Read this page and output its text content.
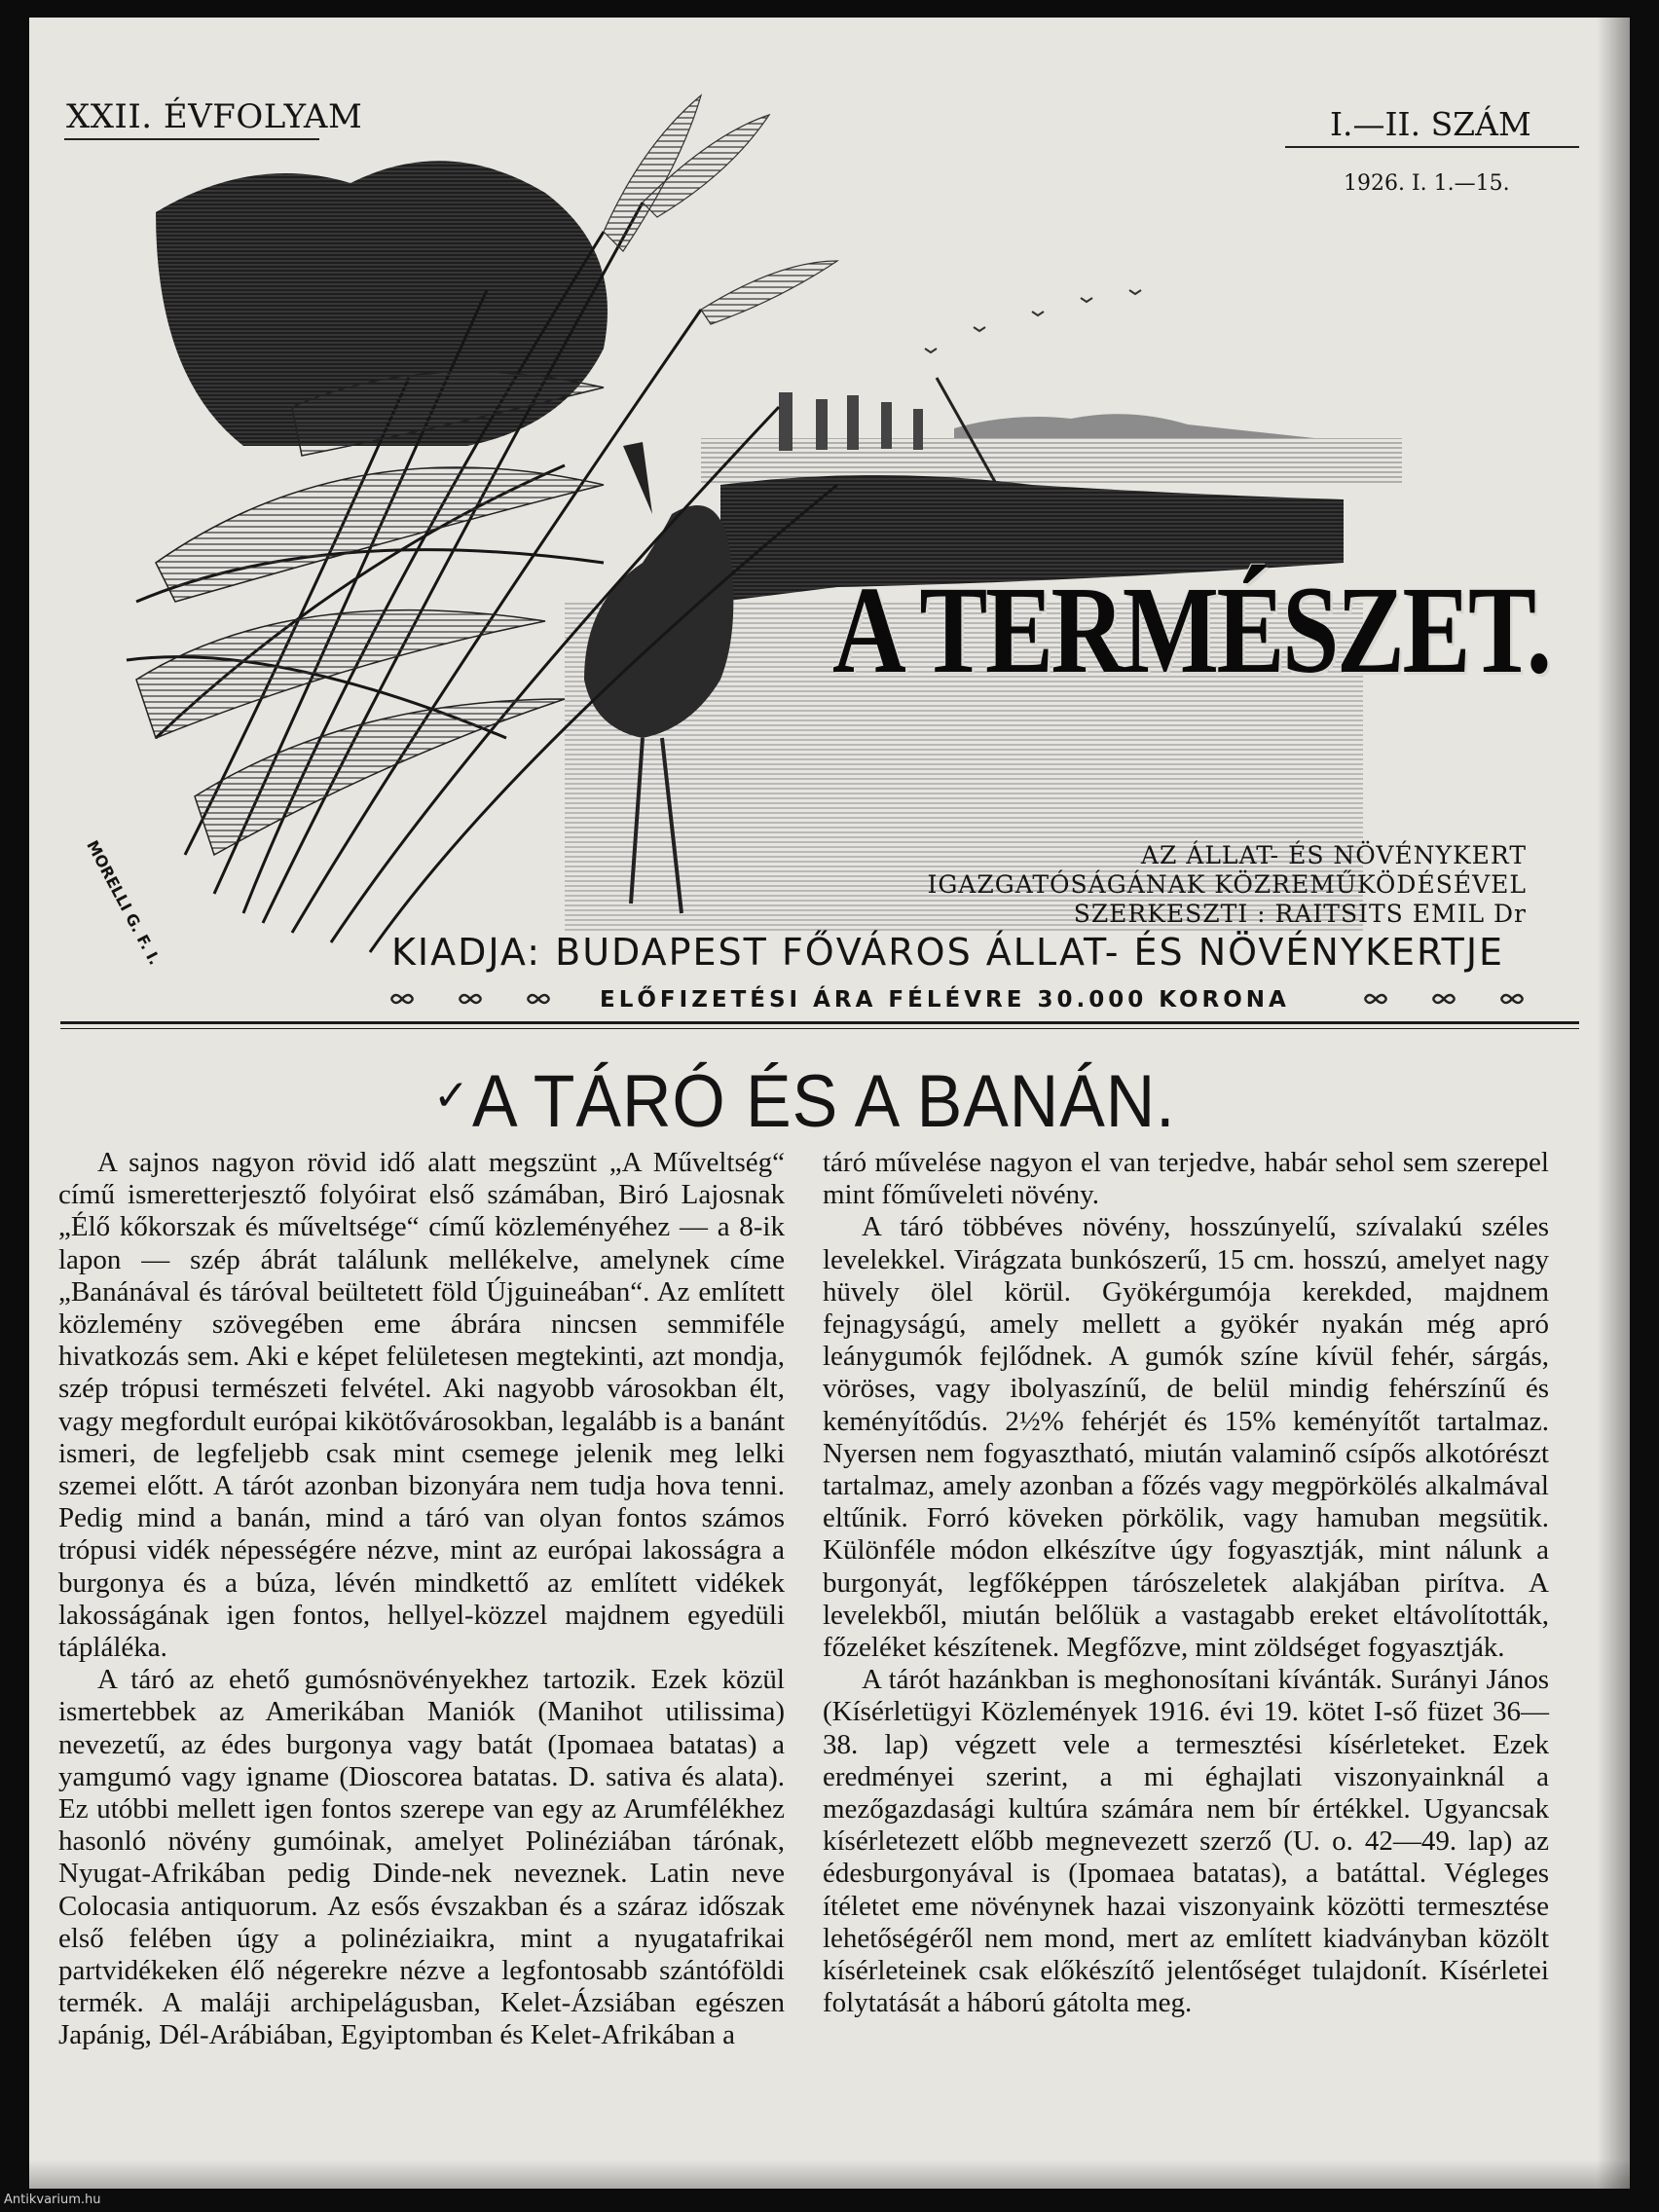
XXII. ÉVFOLYAM	I.—II. SZÁM
1926. I. 1.—15.
A TERMÉSZET.
MORELLI G. F. I.	AZ ÁLLAT- ÉS NÖVÉNYKERT
IGAZGATÓSÁGÁNAK KÖZREMŰKÖDÉSÉVEL
SZERKESZTI : RAITSITS EMIL Dr
KIADJA: BUDAPEST FŐVÁROS ÁLLAT- ÉS NÖVÉNYKERTJE
ELŐFIZETÉSI ÁRA FÉLÉVRE 30.000 KORONA
✓ A TÁRÓ ÉS A BANÁN.

A sajnos nagyon rövid idő alatt megszünt „A Műveltség“ című ismeretterjesztő folyóirat első számában, Biró Lajosnak „Élő kőkorszak és műveltsége“ című közleményéhez — a 8-ik lapon — szép ábrát találunk mellékelve, amelynek címe „Banánával és táróval beültetett föld Újguineában“. Az említett közlemény szövegében eme ábrára nincsen semmiféle hivatkozás sem. Aki e képet felületesen megtekinti, azt mondja, szép trópusi természeti felvétel. Aki nagyobb városokban élt, vagy megfordult európai kikötővárosokban, legalább is a banánt ismeri, de legfeljebb csak mint csemege jelenik meg lelki szemei előtt. A tárót azonban bizonyára nem tudja hova tenni. Pedig mind a banán, mind a táró van olyan fontos számos trópusi vidék népességére nézve, mint az európai lakosságra a burgonya és a búza, lévén mindkettő az említett vidékek lakosságának igen fontos, hellyel-közzel majdnem egyedüli tápláléka.

A táró az ehető gumósnövényekhez tartozik. Ezek közül ismertebbek az Amerikában Maniók (Manihot utilissima) nevezetű, az édes burgonya vagy batát (Ipomaea batatas) a yamgumó vagy igname (Dioscorea batatas. D. sativa és alata). Ez utóbbi mellett igen fontos szerepe van egy az Arumfélékhez hasonló növény gumóinak, amelyet Polinéziában tárónak, Nyugat-Afrikában pedig Dinde-nek neveznek. Latin neve Colocasia antiquorum. Az esős évszakban és a száraz időszak első felében úgy a polinéziaikra, mint a nyugatafrikai partvidékeken élő négerekre nézve a legfontosabb szántóföldi termék. A maláji archipelágusban, Kelet-Ázsiában egészen Japánig, Dél-Arábiában, Egyiptomban és Kelet-Afrikában a

táró művelése nagyon el van terjedve, habár sehol sem szerepel mint főműveleti növény.

A táró többéves növény, hosszúnyelű, szívalakú széles levelekkel. Virágzata bunkószerű, 15 cm. hosszú, amelyet nagy hüvely ölel körül. Gyökérgumója kerekded, majdnem fejnagyságú, amely mellett a gyökér nyakán még apró leánygumók fejlődnek. A gumók színe kívül fehér, sárgás, vöröses, vagy ibolyaszínű, de belül mindig fehérszínű és keményítődús. 2½% fehérjét és 15% keményítőt tartalmaz. Nyersen nem fogyasztható, miután valaminő csípős alkotórészt tartalmaz, amely azonban a főzés vagy megpörkölés alkalmával eltűnik. Forró köveken pörkölik, vagy hamuban megsütik. Különféle módon elkészítve úgy fogyasztják, mint nálunk a burgonyát, legfőképpen tárószeletek alakjában pirítva. A levelekből, miután belőlük a vastagabb ereket eltávolították, főzeléket készítenek. Megfőzve, mint zöldséget fogyasztják.

A tárót hazánkban is meghonosítani kívánták. Surányi János (Kísérletügyi Közlemények 1916. évi 19. kötet I-ső füzet 36—38. lap) végzett vele a termesztési kísérleteket. Ezek eredményei szerint, a mi éghajlati viszonyainknál a mezőgazdasági kultúra számára nem bír értékkel. Ugyancsak kísérletezett előbb megnevezett szerző (U. o. 42—49. lap) az édesburgonyával is (Ipomaea batatas), a batáttal. Végleges ítéletet eme növénynek hazai viszonyaink közötti termesztése lehetőségéről nem mond, mert az említett kiadványban közölt kísérleteinek csak előkészítő jelentőséget tulajdonít. Kísérletei folytatását a háború gátolta meg.

Antikvarium.hu
